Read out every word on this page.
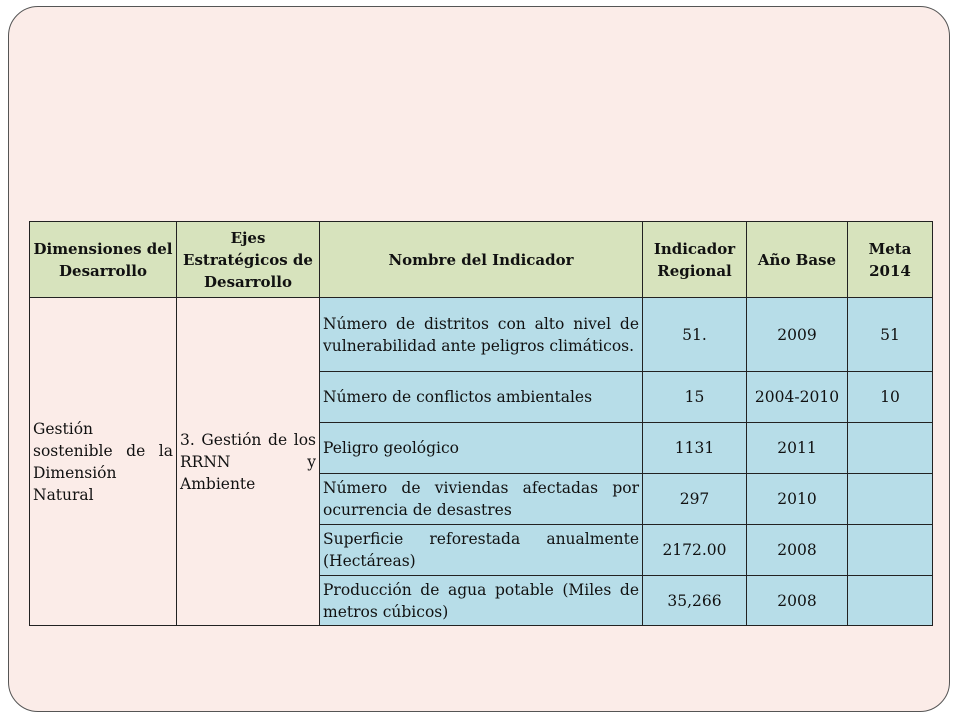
Dimensiones del Desarrollo	Ejes Estratégicos de Desarrollo	Nombre del Indicador	Indicador Regional	Año Base	Meta 2014
Gestión sostenible de la Dimensión Natural	3. Gestión de los RRNN y Ambiente	Número de distritos con alto nivel de vulnerabilidad ante peligros climáticos.	51.	2009	51
		Número de conflictos ambientales	15	2004-2010	10
		Peligro geológico	1131	2011	
		Número de viviendas afectadas por ocurrencia de desastres	297	2010	
		Superficie reforestada anualmente (Hectáreas)	2172.00	2008	
		Producción de agua potable (Miles de metros cúbicos)	35,266	2008	
